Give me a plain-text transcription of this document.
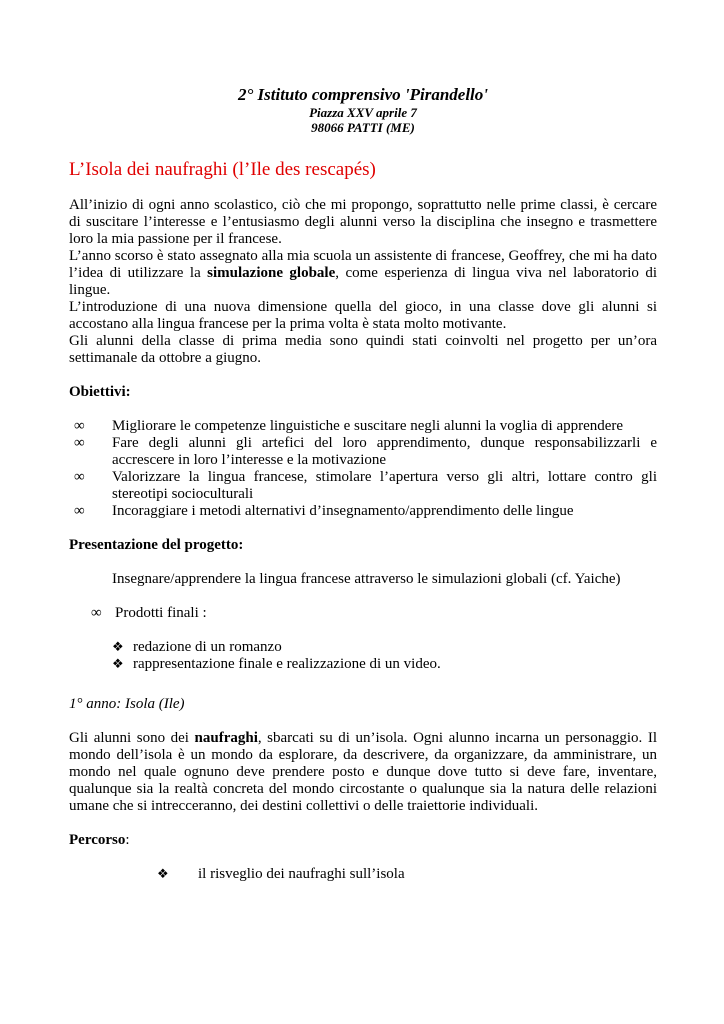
2° Istituto comprensivo 'Pirandello'
Piazza XXV aprile 7
98066 PATTI (ME)
L’Isola dei naufraghi (l’Ile des rescapés)

All’inizio di ogni anno scolastico, ciò che mi propongo, soprattutto nelle prime classi, è cercare di suscitare l’interesse e l’entusiasmo degli alunni verso la disciplina che insegno e trasmettere loro la mia passione per il francese.

L’anno scorso è stato assegnato alla mia scuola un assistente di francese, Geoffrey, che mi ha dato l’idea di utilizzare la simulazione globale, come esperienza di lingua viva nel laboratorio di lingue.

L’introduzione di una nuova dimensione quella del gioco, in una classe dove gli alunni si accostano alla lingua francese per la prima volta è stata molto motivante.

Gli alunni della classe di prima media sono quindi stati coinvolti nel progetto per un’ora settimanale da ottobre a giugno.

Obiettivi:

∞ Migliorare le competenze linguistiche e suscitare negli alunni la voglia di apprendere
∞ Fare degli alunni gli artefici del loro apprendimento, dunque responsabilizzarli e accrescere in loro l’interesse e la motivazione
∞ Valorizzare la lingua francese, stimolare l’apertura verso gli altri, lottare contro gli stereotipi socioculturali
∞ Incoraggiare i metodi alternativi d’insegnamento/apprendimento delle lingue

Presentazione del progetto:

Insegnare/apprendere la lingua francese attraverso le simulazioni globali (cf. Yaiche)

∞ Prodotti finali :
❖ redazione di un romanzo
❖ rappresentazione finale e realizzazione di un video.

1° anno: Isola (Ile)

Gli alunni sono dei naufraghi, sbarcati su di un’isola. Ogni alunno incarna un personaggio. Il mondo dell’isola è un mondo da esplorare, da descrivere, da organizzare, da amministrare, un mondo nel quale ognuno deve prendere posto e dunque dove tutto si deve fare, inventare, qualunque sia la realtà concreta del mondo circostante o qualunque sia la natura delle relazioni umane che si intrecceranno, dei destini collettivi o delle traiettorie individuali.

Percorso:

❖ il risveglio dei naufraghi sull’isola
